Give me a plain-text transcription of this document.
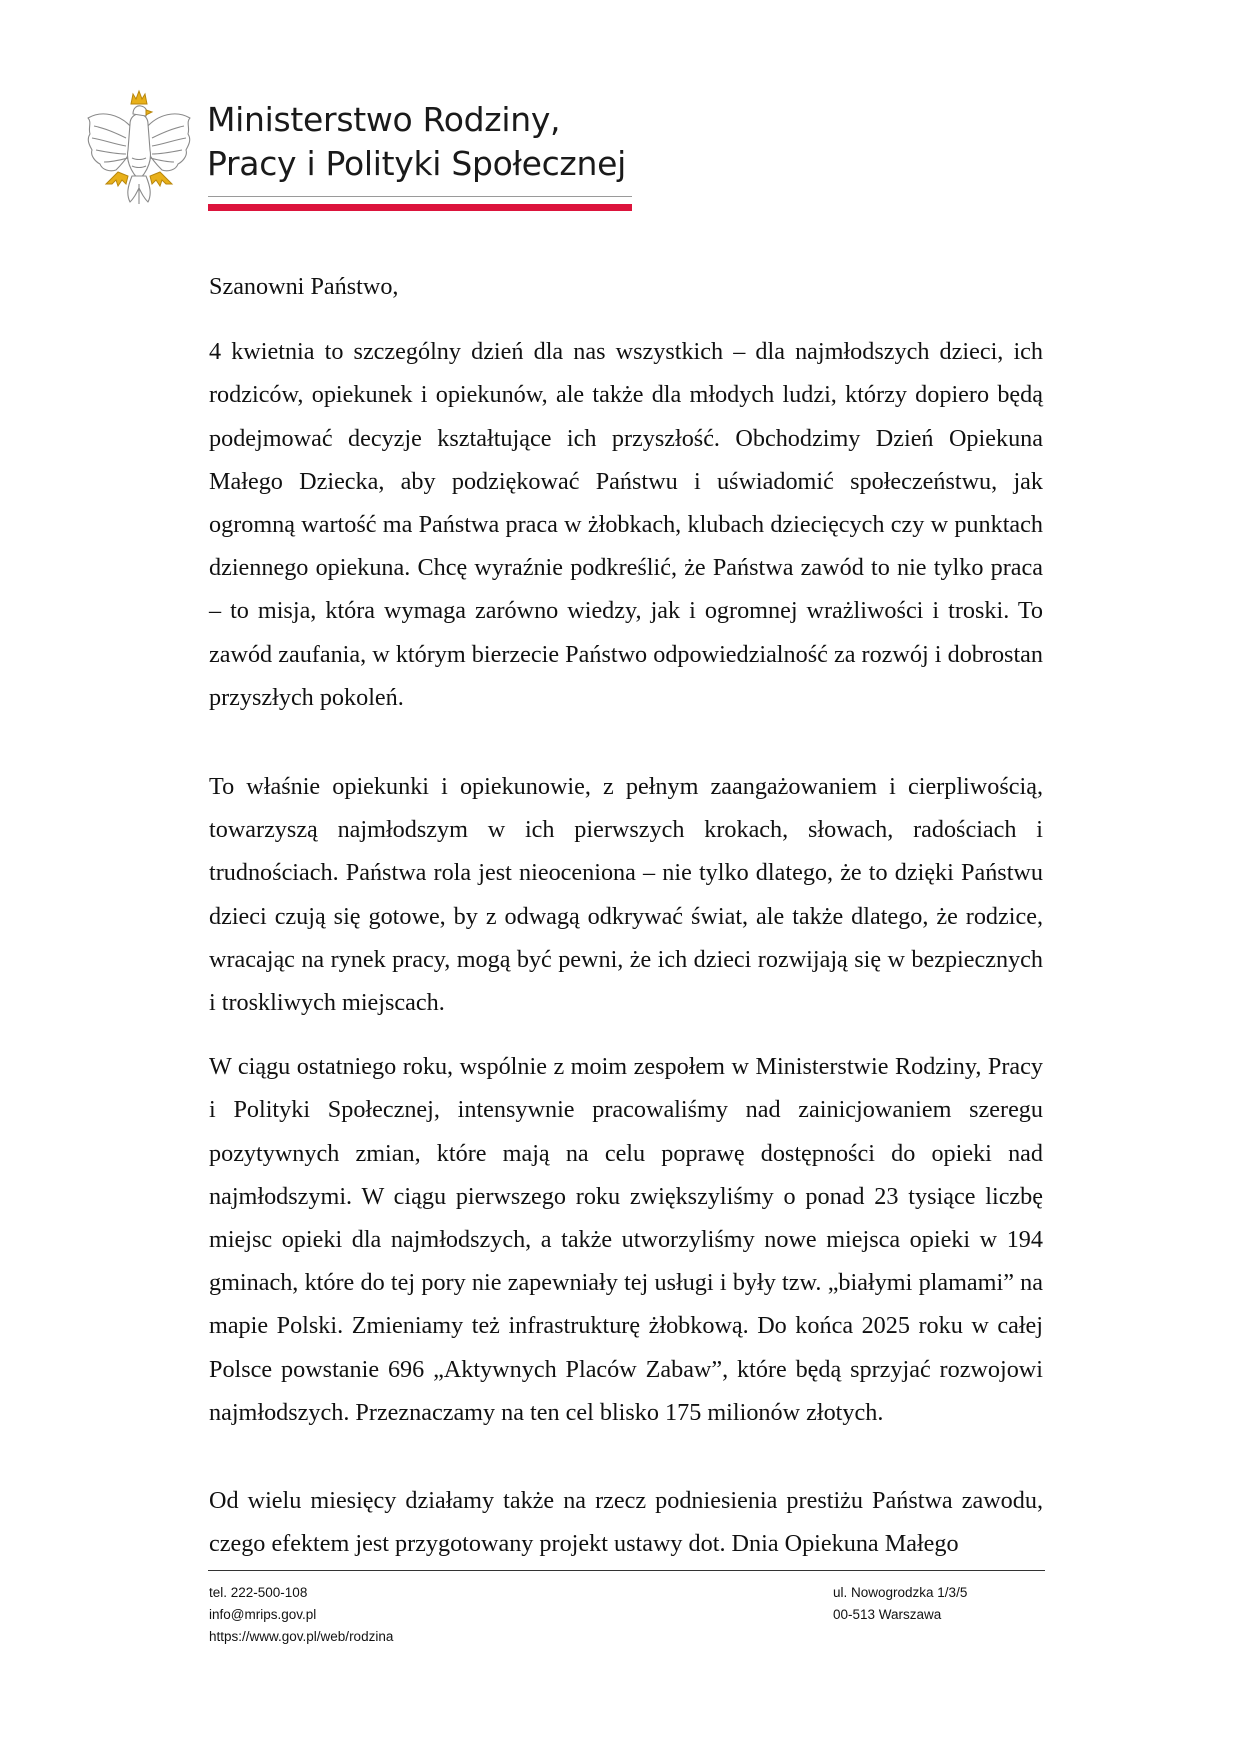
Ministerstwo Rodziny,
Pracy i Polityki Społecznej

Szanowni Państwo,

4 kwietnia to szczególny dzień dla nas wszystkich – dla najmłodszych dzieci, ich rodziców, opiekunek i opiekunów, ale także dla młodych ludzi, którzy dopiero będą podejmować decyzje kształtujące ich przyszłość. Obchodzimy Dzień Opiekuna Małego Dziecka, aby podziękować Państwu i uświadomić społeczeństwu, jak ogromną wartość ma Państwa praca w żłobkach, klubach dziecięcych czy w punktach dziennego opiekuna. Chcę wyraźnie podkreślić, że Państwa zawód to nie tylko praca – to misja, która wymaga zarówno wiedzy, jak i ogromnej wrażliwości i troski. To zawód zaufania, w którym bierzecie Państwo odpowiedzialność za rozwój i dobrostan przyszłych pokoleń.

To właśnie opiekunki i opiekunowie, z pełnym zaangażowaniem i cierpliwością, towarzyszą najmłodszym w ich pierwszych krokach, słowach, radościach i trudnościach. Państwa rola jest nieoceniona – nie tylko dlatego, że to dzięki Państwu dzieci czują się gotowe, by z odwagą odkrywać świat, ale także dlatego, że rodzice, wracając na rynek pracy, mogą być pewni, że ich dzieci rozwijają się w bezpiecznych i troskliwych miejscach.

W ciągu ostatniego roku, wspólnie z moim zespołem w Ministerstwie Rodziny, Pracy i Polityki Społecznej, intensywnie pracowaliśmy nad zainicjowaniem szeregu pozytywnych zmian, które mają na celu poprawę dostępności do opieki nad najmłodszymi. W ciągu pierwszego roku zwiększyliśmy o ponad 23 tysiące liczbę miejsc opieki dla najmłodszych, a także utworzyliśmy nowe miejsca opieki w 194 gminach, które do tej pory nie zapewniały tej usługi i były tzw. „białymi plamami” na mapie Polski. Zmieniamy też infrastrukturę żłobkową. Do końca 2025 roku w całej Polsce powstanie 696 „Aktywnych Placów Zabaw”, które będą sprzyjać rozwojowi najmłodszych. Przeznaczamy na ten cel blisko 175 milionów złotych.

Od wielu miesięcy działamy także na rzecz podniesienia prestiżu Państwa zawodu, czego efektem jest przygotowany projekt ustawy dot. Dnia Opiekuna Małego

tel. 222-500-108
info@mrips.gov.pl
https://www.gov.pl/web/rodzina
ul. Nowogrodzka 1/3/5
00-513 Warszawa
